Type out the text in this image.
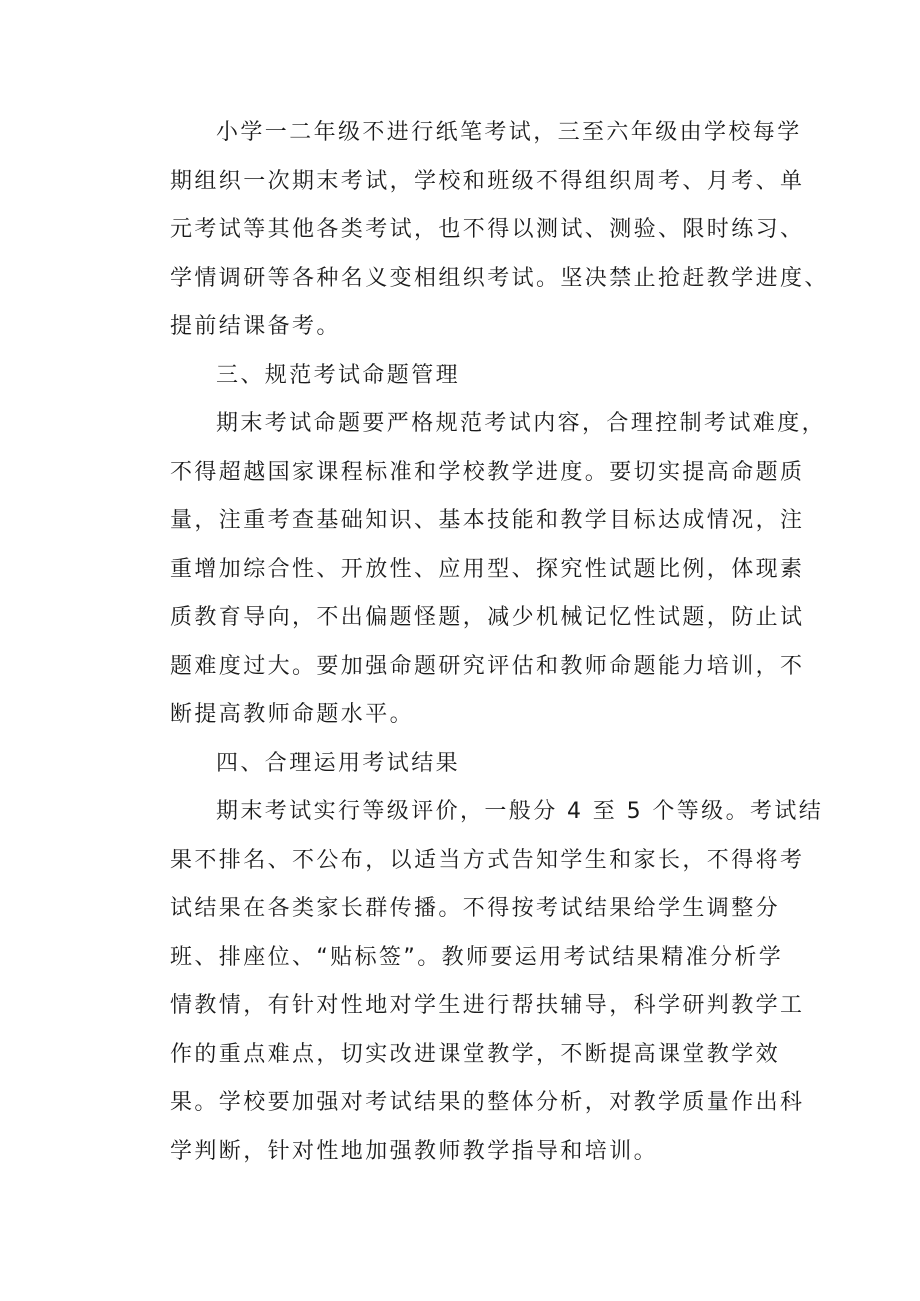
小学一二年级不进行纸笔考试，三至六年级由学校每学
期组织一次期末考试，学校和班级不得组织周考、月考、单
元考试等其他各类考试，也不得以测试、测验、限时练习、
学情调研等各种名义变相组织考试。坚决禁止抢赶教学进度、
提前结课备考。
三、规范考试命题管理
期末考试命题要严格规范考试内容，合理控制考试难度，
不得超越国家课程标准和学校教学进度。要切实提高命题质
量，注重考查基础知识、基本技能和教学目标达成情况，注
重增加综合性、开放性、应用型、探究性试题比例，体现素
质教育导向，不出偏题怪题，减少机械记忆性试题，防止试
题难度过大。要加强命题研究评估和教师命题能力培训，不
断提高教师命题水平。
四、合理运用考试结果
期末考试实行等级评价，一般分 4 至 5 个等级。考试结
果不排名、不公布，以适当方式告知学生和家长，不得将考
试结果在各类家长群传播。不得按考试结果给学生调整分
班、排座位、“贴标签”。教师要运用考试结果精准分析学
情教情，有针对性地对学生进行帮扶辅导，科学研判教学工
作的重点难点，切实改进课堂教学，不断提高课堂教学效
果。学校要加强对考试结果的整体分析，对教学质量作出科
学判断，针对性地加强教师教学指导和培训。
